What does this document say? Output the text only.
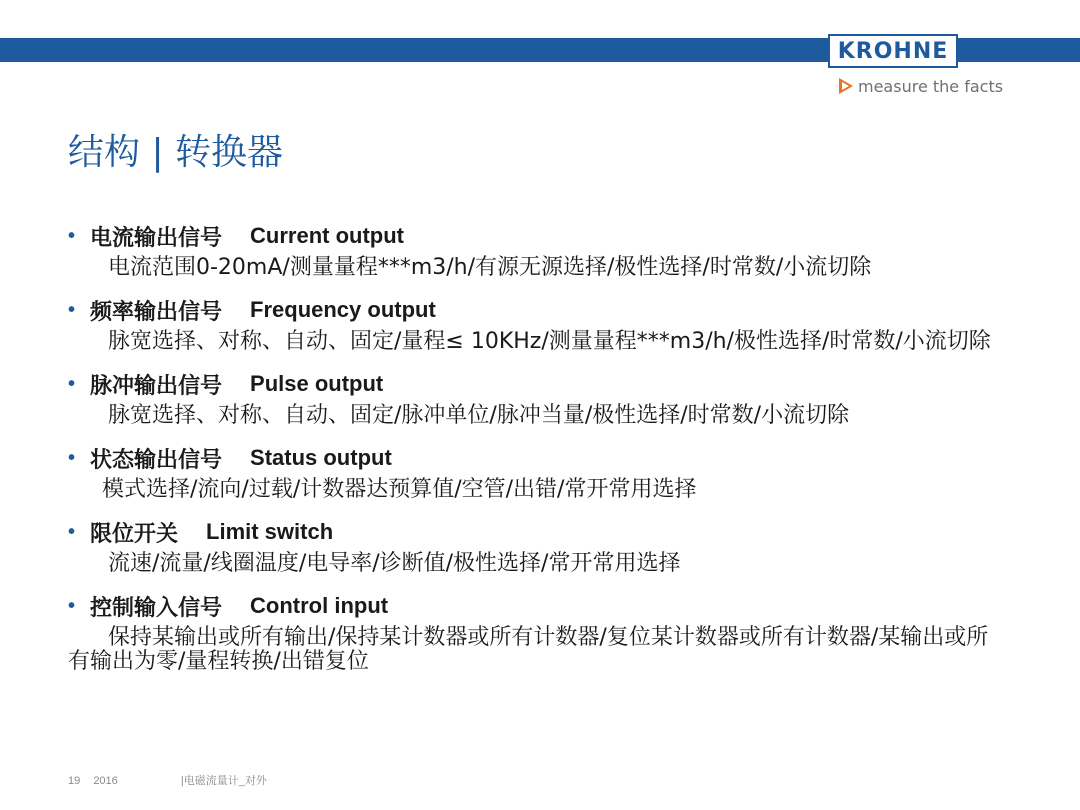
KROHNE
measure the facts
结构 | 转换器
• 电流输出信号 Current output

电流范围0-20mA/测量量程***m3/h/有源无源选择/极性选择/时常数/小流切除

• 频率输出信号 Frequency output

脉宽选择、对称、自动、固定/量程≤ 10KHz/测量量程***m3/h/极性选择/时常数/小流切除

• 脉冲输出信号 Pulse output

脉宽选择、对称、自动、固定/脉冲单位/脉冲当量/极性选择/时常数/小流切除

• 状态输出信号 Status output

模式选择/流向/过载/计数器达预算值/空管/出错/常开常用选择

• 限位开关 Limit switch

流速/流量/线圈温度/电导率/诊断值/极性选择/常开常用选择

• 控制输入信号 Control input

保持某输出或所有输出/保持某计数器或所有计数器/复位某计数器或所有计数器/某输出或所有输出为零/量程转换/出错复位

19 2016	|电磁流量计_对外
